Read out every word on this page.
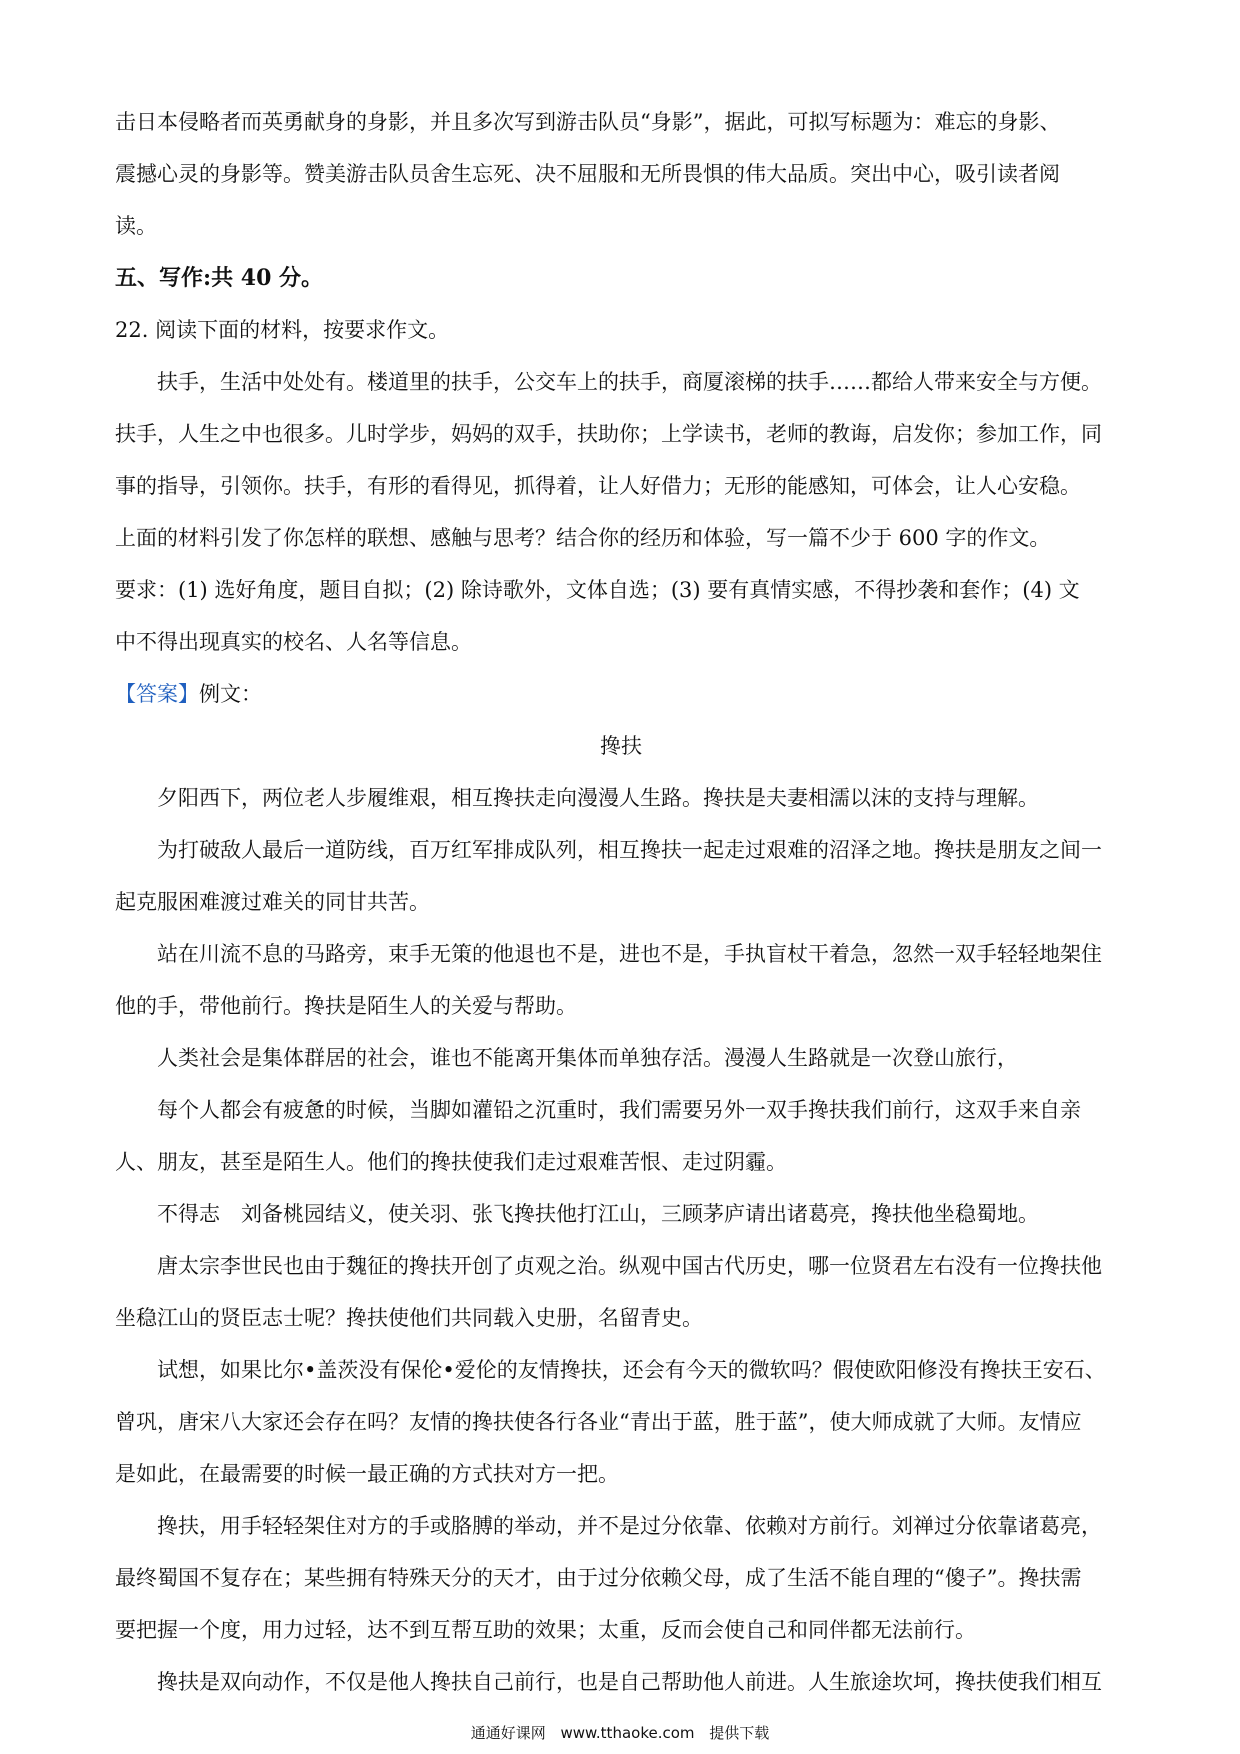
击日本侵略者而英勇献身的身影，并且多次写到游击队员“身影”，据此，可拟写标题为：难忘的身影、
震撼心灵的身影等。赞美游击队员舍生忘死、决不屈服和无所畏惧的伟大品质。突出中心，吸引读者阅
读。
五、写作:共 40 分。
22. 阅读下面的材料，按要求作文。
扶手，生活中处处有。楼道里的扶手，公交车上的扶手，商厦滚梯的扶手……都给人带来安全与方便。
扶手，人生之中也很多。儿时学步，妈妈的双手，扶助你；上学读书，老师的教诲，启发你；参加工作，同
事的指导，引领你。扶手，有形的看得见，抓得着，让人好借力；无形的能感知，可体会，让人心安稳。
上面的材料引发了你怎样的联想、感触与思考？结合你的经历和体验，写一篇不少于 600 字的作文。
要求：(1) 选好角度，题目自拟；(2) 除诗歌外，文体自选；(3) 要有真情实感，不得抄袭和套作；(4) 文
中不得出现真实的校名、人名等信息。
【答案】例文：
搀扶
夕阳西下，两位老人步履维艰，相互搀扶走向漫漫人生路。搀扶是夫妻相濡以沫的支持与理解。
为打破敌人最后一道防线，百万红军排成队列，相互搀扶一起走过艰难的沼泽之地。搀扶是朋友之间一
起克服困难渡过难关的同甘共苦。
站在川流不息的马路旁，束手无策的他退也不是，进也不是，手执盲杖干着急，忽然一双手轻轻地架住
他的手，带他前行。搀扶是陌生人的关爱与帮助。
人类社会是集体群居的社会，谁也不能离开集体而单独存活。漫漫人生路就是一次登山旅行，
每个人都会有疲惫的时候，当脚如灌铅之沉重时，我们需要另外一双手搀扶我们前行，这双手来自亲
人、朋友，甚至是陌生人。他们的搀扶使我们走过艰难苦恨、走过阴霾。
不得志　刘备桃园结义，使关羽、张飞搀扶他打江山，三顾茅庐请出诸葛亮，搀扶他坐稳蜀地。
唐太宗李世民也由于魏征的搀扶开创了贞观之治。纵观中国古代历史，哪一位贤君左右没有一位搀扶他
坐稳江山的贤臣志士呢？搀扶使他们共同载入史册，名留青史。
试想，如果比尔•盖茨没有保伦•爱伦的友情搀扶，还会有今天的微软吗？假使欧阳修没有搀扶王安石、
曾巩，唐宋八大家还会存在吗？友情的搀扶使各行各业“青出于蓝，胜于蓝”，使大师成就了大师。友情应
是如此，在最需要的时候一最正确的方式扶对方一把。
搀扶，用手轻轻架住对方的手或胳膊的举动，并不是过分依靠、依赖对方前行。刘禅过分依靠诸葛亮，
最终蜀国不复存在；某些拥有特殊天分的天才，由于过分依赖父母，成了生活不能自理的“傻子”。搀扶需
要把握一个度，用力过轻，达不到互帮互助的效果；太重，反而会使自己和同伴都无法前行。
搀扶是双向动作，不仅是他人搀扶自己前行，也是自己帮助他人前进。人生旅途坎坷，搀扶使我们相互
通通好课网 www.tthaoke.com 提供下载
